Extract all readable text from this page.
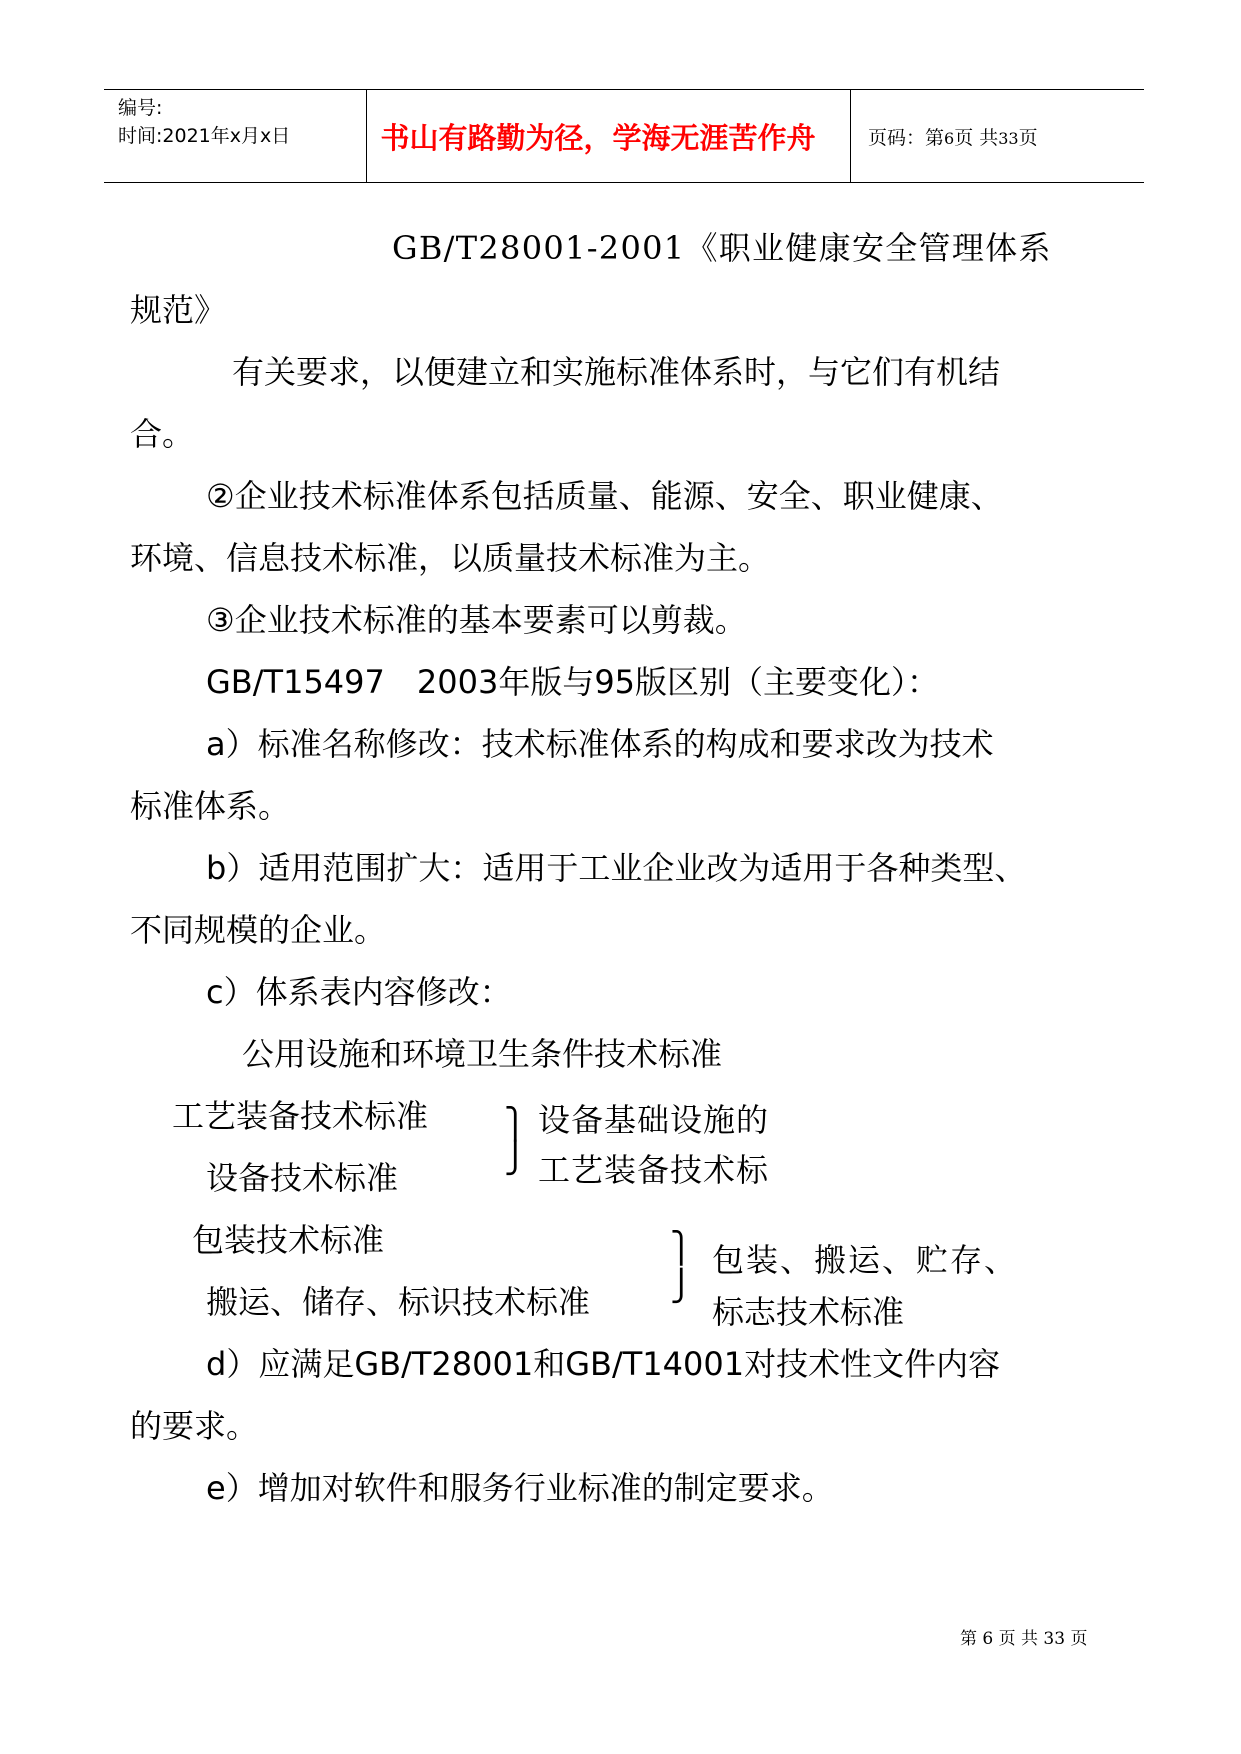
编号:
时间:2021年x月x日	书山有路勤为径，学海无涯苦作舟	页码：第6页 共33页
GB/T28001-2001《职业健康安全管理体系
规范》
有关要求，以便建立和实施标准体系时，与它们有机结
合。
②企业技术标准体系包括质量、能源、安全、职业健康、
环境、信息技术标准，以质量技术标准为主。
③企业技术标准的基本要素可以剪裁。
GB/T15497　2003年版与95版区别（主要变化）：
a）标准名称修改：技术标准体系的构成和要求改为技术
标准体系。
b）适用范围扩大：适用于工业企业改为适用于各种类型、
不同规模的企业。
c）体系表内容修改：
公用设施和环境卫生条件技术标准
工艺装备技术标准
设备技术标准
⎫
⎭
设备基础设施的
工艺装备技术标
包装技术标准
搬运、储存、标识技术标准
⎫
⎭
包装、搬运、贮存、
标志技术标准
d）应满足GB/T28001和GB/T14001对技术性文件内容
的要求。
e）增加对软件和服务行业标准的制定要求。
第 6 页 共 33 页
